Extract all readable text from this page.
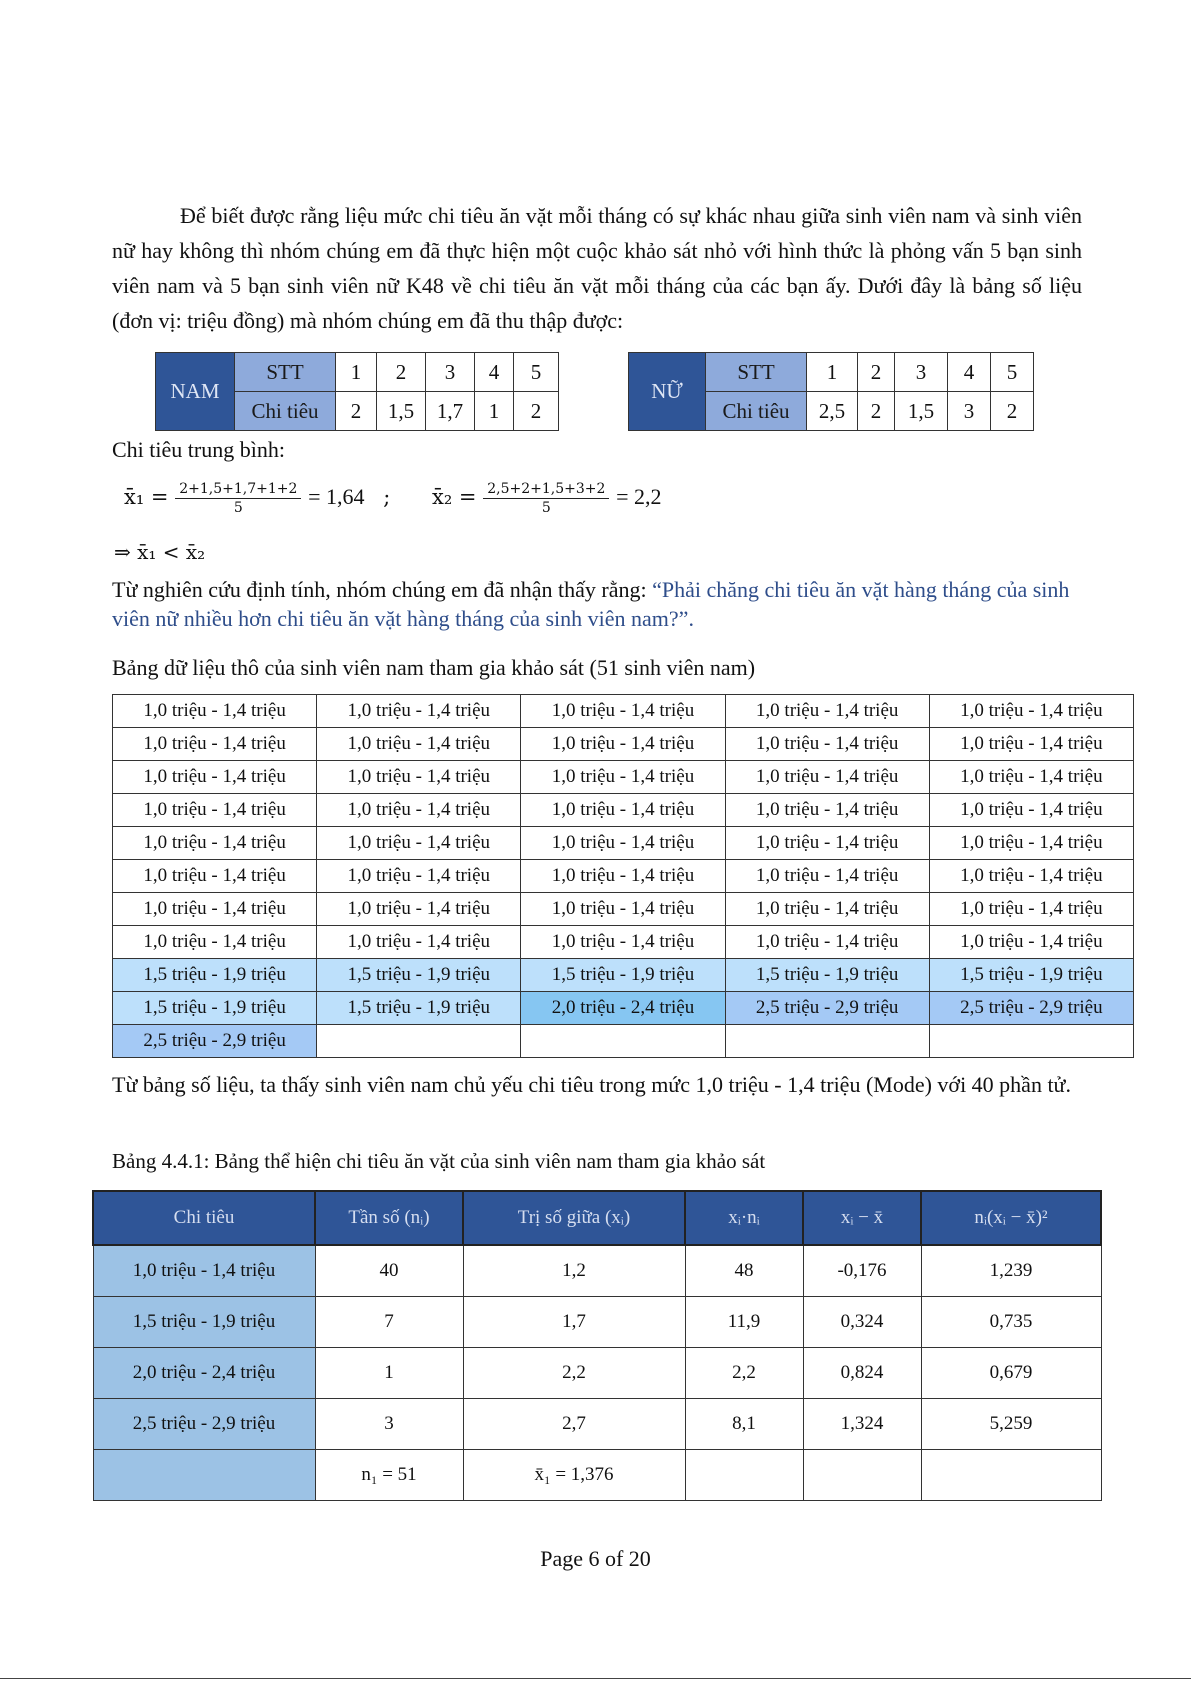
Để biết được rằng liệu mức chi tiêu ăn vặt mỗi tháng có sự khác nhau giữa sinh viên nam và sinh viên nữ hay không thì nhóm chúng em đã thực hiện một cuộc khảo sát nhỏ với hình thức là phỏng vấn 5 bạn sinh viên nam và 5 bạn sinh viên nữ K48 về chi tiêu ăn vặt mỗi tháng của các bạn ấy. Dưới đây là bảng số liệu (đơn vị: triệu đồng) mà nhóm chúng em đã thu thập được:
NAM	STT	1	2	3	4	5
	Chi tiêu	2	1,5	1,7	1	2
NỮ	STT	1	2	3	4	5
	Chi tiêu	2,5	2	1,5	3	2
Chi tiêu trung bình:
x̄₁ = $\frac{2+1,5+1,7+1+2}{5} = 1,64$ ; x̄₂ = $\frac{2,5+2+1,5+3+2}{5} = 2,2$
⇒ x̄₁ < x̄₂
Từ nghiên cứu định tính, nhóm chúng em đã nhận thấy rằng: “Phải chăng chi tiêu ăn vặt hàng tháng của sinh viên nữ nhiều hơn chi tiêu ăn vặt hàng tháng của sinh viên nam?”.
Bảng dữ liệu thô của sinh viên nam tham gia khảo sát (51 sinh viên nam)
1,0 triệu - 1,4 triệu	1,0 triệu - 1,4 triệu	1,0 triệu - 1,4 triệu	1,0 triệu - 1,4 triệu	1,0 triệu - 1,4 triệu
1,0 triệu - 1,4 triệu	1,0 triệu - 1,4 triệu	1,0 triệu - 1,4 triệu	1,0 triệu - 1,4 triệu	1,0 triệu - 1,4 triệu
1,0 triệu - 1,4 triệu	1,0 triệu - 1,4 triệu	1,0 triệu - 1,4 triệu	1,0 triệu - 1,4 triệu	1,0 triệu - 1,4 triệu
1,0 triệu - 1,4 triệu	1,0 triệu - 1,4 triệu	1,0 triệu - 1,4 triệu	1,0 triệu - 1,4 triệu	1,0 triệu - 1,4 triệu
1,0 triệu - 1,4 triệu	1,0 triệu - 1,4 triệu	1,0 triệu - 1,4 triệu	1,0 triệu - 1,4 triệu	1,0 triệu - 1,4 triệu
1,0 triệu - 1,4 triệu	1,0 triệu - 1,4 triệu	1,0 triệu - 1,4 triệu	1,0 triệu - 1,4 triệu	1,0 triệu - 1,4 triệu
1,0 triệu - 1,4 triệu	1,0 triệu - 1,4 triệu	1,0 triệu - 1,4 triệu	1,0 triệu - 1,4 triệu	1,0 triệu - 1,4 triệu
1,0 triệu - 1,4 triệu	1,0 triệu - 1,4 triệu	1,0 triệu - 1,4 triệu	1,0 triệu - 1,4 triệu	1,0 triệu - 1,4 triệu
1,5 triệu - 1,9 triệu	1,5 triệu - 1,9 triệu	1,5 triệu - 1,9 triệu	1,5 triệu - 1,9 triệu	1,5 triệu - 1,9 triệu
1,5 triệu - 1,9 triệu	1,5 triệu - 1,9 triệu	2,0 triệu - 2,4 triệu	2,5 triệu - 2,9 triệu	2,5 triệu - 2,9 triệu
2,5 triệu - 2,9 triệu				
Từ bảng số liệu, ta thấy sinh viên nam chủ yếu chi tiêu trong mức 1,0 triệu - 1,4 triệu (Mode) với 40 phần tử.
Bảng 4.4.1: Bảng thể hiện chi tiêu ăn vặt của sinh viên nam tham gia khảo sát
Chi tiêu	Tần số (nᵢ)	Trị số giữa (xᵢ)	xᵢ·nᵢ	xᵢ − x̄	nᵢ(xᵢ − x̄)²
1,0 triệu - 1,4 triệu	40	1,2	48	-0,176	1,239
1,5 triệu - 1,9 triệu	7	1,7	11,9	0,324	0,735
2,0 triệu - 2,4 triệu	1	2,2	2,2	0,824	0,679
2,5 triệu - 2,9 triệu	3	2,7	8,1	1,324	5,259
	n₁ = 51	x̄₁ = 1,376			
Page 6 of 20
